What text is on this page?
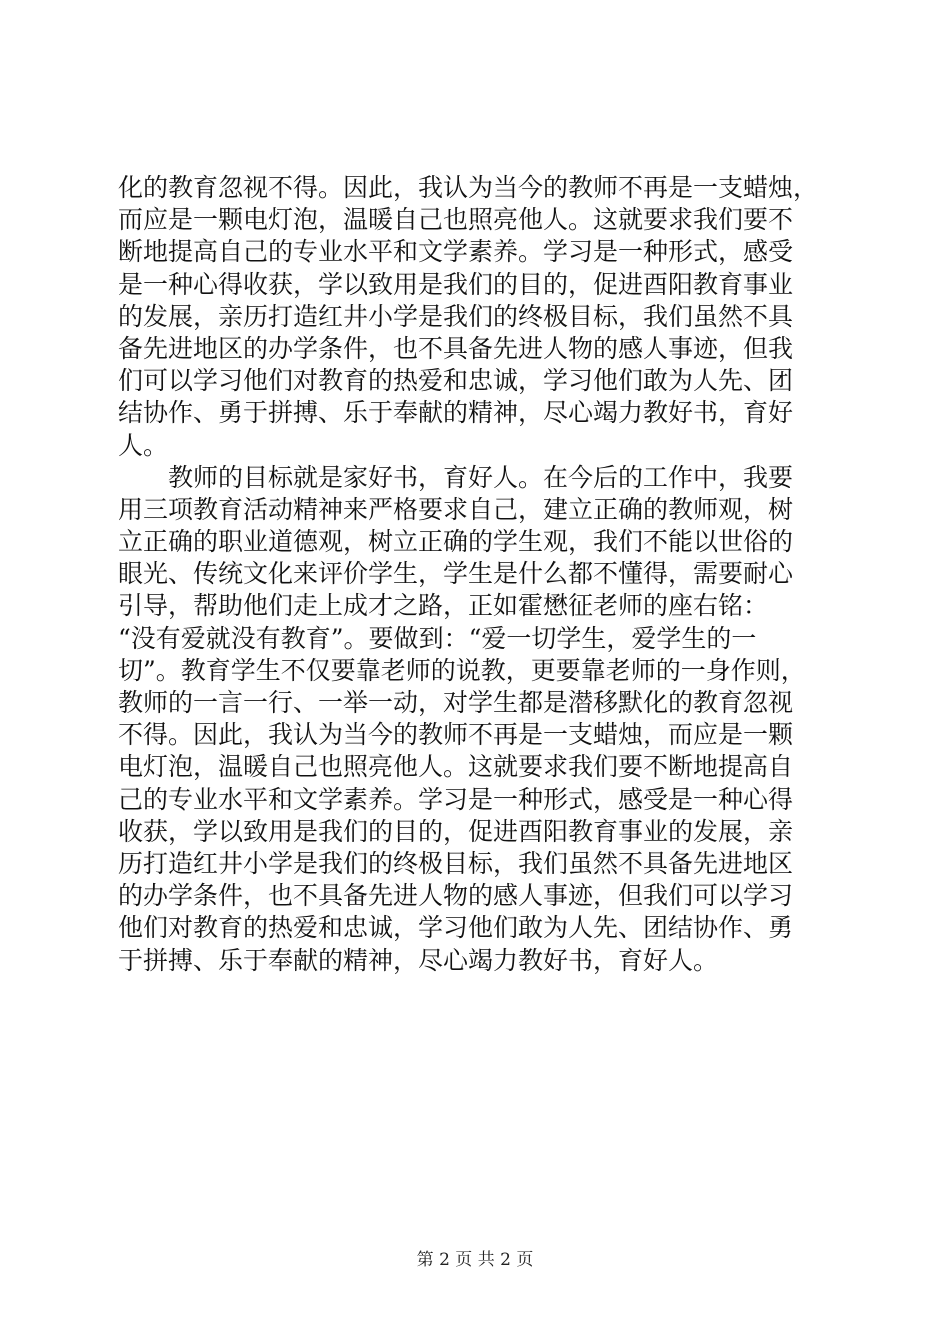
化的教育忽视不得。因此，我认为当今的教师不再是一支蜡烛，
而应是一颗电灯泡，温暖自己也照亮他人。这就要求我们要不
断地提高自己的专业水平和文学素养。学习是一种形式，感受
是一种心得收获，学以致用是我们的目的，促进酉阳教育事业
的发展，亲历打造红井小学是我们的终极目标，我们虽然不具
备先进地区的办学条件，也不具备先进人物的感人事迹，但我
们可以学习他们对教育的热爱和忠诚，学习他们敢为人先、团
结协作、勇于拼搏、乐于奉献的精神，尽心竭力教好书，育好
人。
教师的目标就是家好书，育好人。在今后的工作中，我要
用三项教育活动精神来严格要求自己，建立正确的教师观，树
立正确的职业道德观，树立正确的学生观，我们不能以世俗的
眼光、传统文化来评价学生，学生是什么都不懂得，需要耐心
引导，帮助他们走上成才之路，正如霍懋征老师的座右铭：
“没有爱就没有教育”。要做到：“爱一切学生，爱学生的一
切”。教育学生不仅要靠老师的说教，更要靠老师的一身作则，
教师的一言一行、一举一动，对学生都是潜移默化的教育忽视
不得。因此，我认为当今的教师不再是一支蜡烛，而应是一颗
电灯泡，温暖自己也照亮他人。这就要求我们要不断地提高自
己的专业水平和文学素养。学习是一种形式，感受是一种心得
收获，学以致用是我们的目的，促进酉阳教育事业的发展，亲
历打造红井小学是我们的终极目标，我们虽然不具备先进地区
的办学条件，也不具备先进人物的感人事迹，但我们可以学习
他们对教育的热爱和忠诚，学习他们敢为人先、团结协作、勇
于拼搏、乐于奉献的精神，尽心竭力教好书，育好人。
第 2 页 共 2 页
